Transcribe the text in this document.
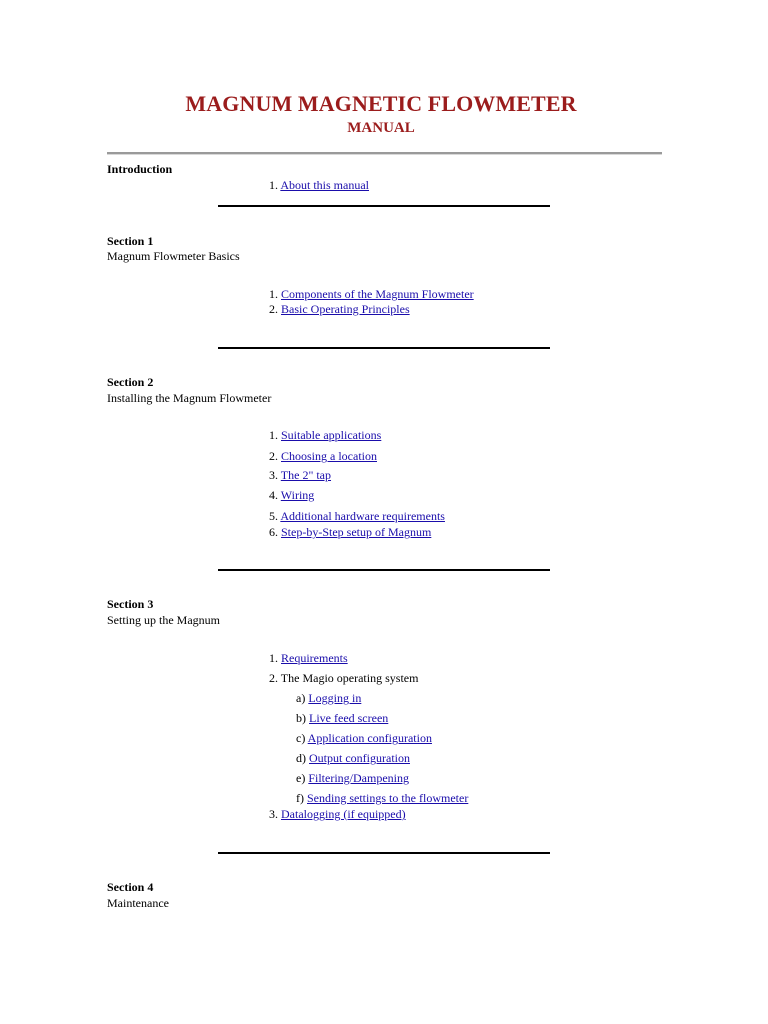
MAGNUM MAGNETIC FLOWMETER
MANUAL
Introduction
1. About this manual
Section 1
Magnum Flowmeter Basics
1. Components of the Magnum Flowmeter
2. Basic Operating Principles
Section 2
Installing the Magnum Flowmeter
1. Suitable applications
2. Choosing a location
3. The 2" tap
4. Wiring
5. Additional hardware requirements
6. Step-by-Step setup of Magnum
Section 3
Setting up the Magnum
1. Requirements
2. The Magio operating system
a) Logging in
b) Live feed screen
c) Application configuration
d) Output configuration
e) Filtering/Dampening
f) Sending settings to the flowmeter
3. Datalogging (if equipped)
Section 4
Maintenance
